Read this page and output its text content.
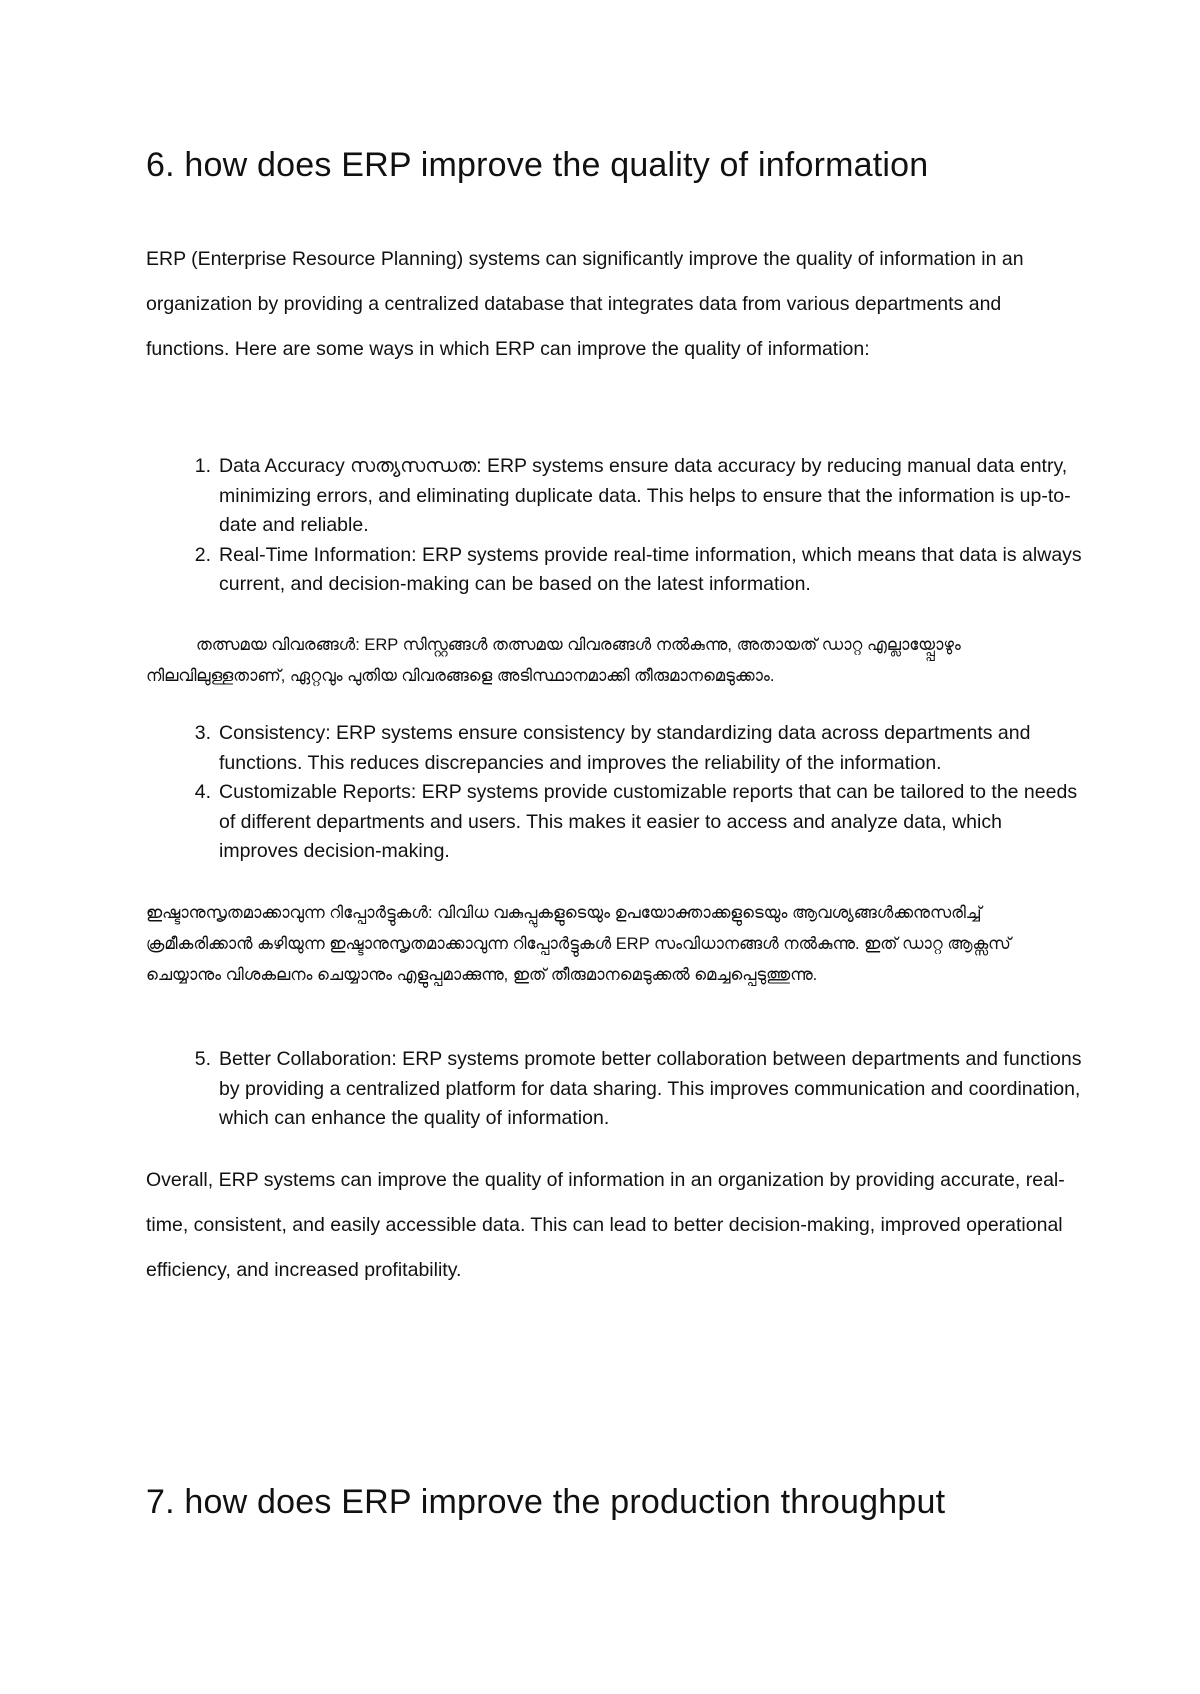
6. how does ERP improve the quality of information

ERP (Enterprise Resource Planning) systems can significantly improve the quality of information in an organization by providing a centralized database that integrates data from various departments and functions. Here are some ways in which ERP can improve the quality of information:

1. Data Accuracy സത്യസന്ധത: ERP systems ensure data accuracy by reducing manual data entry, minimizing errors, and eliminating duplicate data. This helps to ensure that the information is up-to-date and reliable.
2. Real-Time Information: ERP systems provide real-time information, which means that data is always current, and decision-making can be based on the latest information.

തത്സമയ വിവരങ്ങൾ: ERP സിസ്റ്റങ്ങൾ തത്സമയ വിവരങ്ങൾ നൽകുന്നു, അതായത് ഡാറ്റ എല്ലായ്പ്പോഴും നിലവിലുള്ളതാണ്, ഏറ്റവും പുതിയ വിവരങ്ങളെ അടിസ്ഥാനമാക്കി തീരുമാനമെടുക്കാം.

3. Consistency: ERP systems ensure consistency by standardizing data across departments and functions. This reduces discrepancies and improves the reliability of the information.
4. Customizable Reports: ERP systems provide customizable reports that can be tailored to the needs of different departments and users. This makes it easier to access and analyze data, which improves decision-making.

ഇഷ്ടാനുസൃതമാക്കാവുന്ന റിപ്പോർട്ടുകൾ: വിവിധ വകുപ്പുകളുടെയും ഉപയോക്താക്കളുടെയും ആവശ്യങ്ങൾക്കനുസരിച്ച് ക്രമീകരിക്കാൻ കഴിയുന്ന ഇഷ്ടാനുസൃതമാക്കാവുന്ന റിപ്പോർട്ടുകൾ ERP സംവിധാനങ്ങൾ നൽകുന്നു. ഇത് ഡാറ്റ ആക്സസ് ചെയ്യാനും വിശകലനം ചെയ്യാനും എളുപ്പമാക്കുന്നു, ഇത് തീരുമാനമെടുക്കൽ മെച്ചപ്പെടുത്തുന്നു.

5. Better Collaboration: ERP systems promote better collaboration between departments and functions by providing a centralized platform for data sharing. This improves communication and coordination, which can enhance the quality of information.

Overall, ERP systems can improve the quality of information in an organization by providing accurate, real-time, consistent, and easily accessible data. This can lead to better decision-making, improved operational efficiency, and increased profitability.

7. how does ERP improve the production throughput
